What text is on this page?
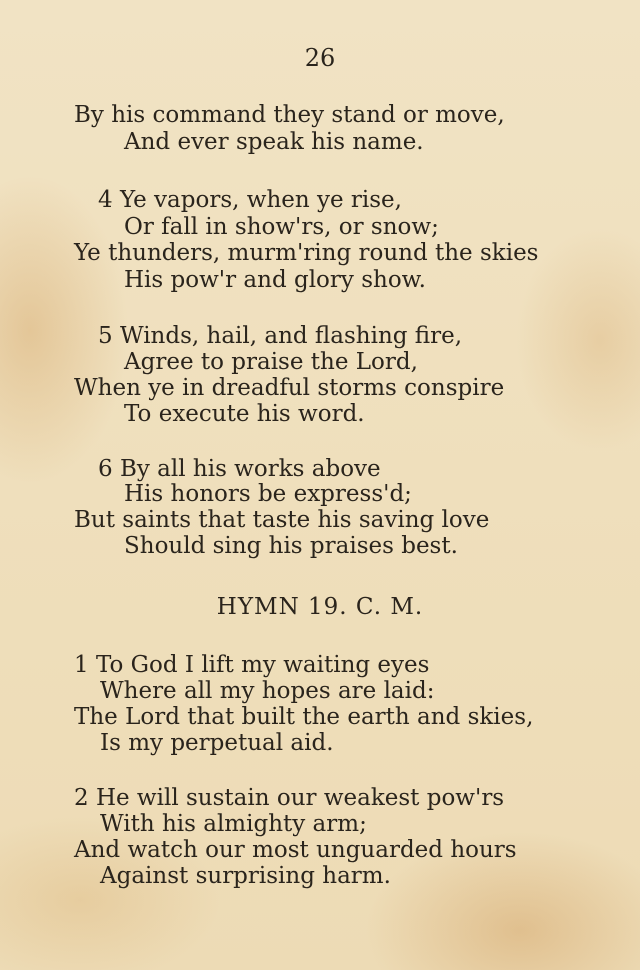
26
By his command they stand or move,
And ever speak his name.
4 Ye vapors, when ye rise,
Or fall in show'rs, or snow;
Ye thunders, murm'ring round the skies
His pow'r and glory show.
5 Winds, hail, and flashing fire,
Agree to praise the Lord,
When ye in dreadful storms conspire
To execute his word.
6 By all his works above
His honors be express'd;
But saints that taste his saving love
Should sing his praises best.
HYMN 19. C. M.
1 To God I lift my waiting eyes
Where all my hopes are laid:
The Lord that built the earth and skies,
Is my perpetual aid.
2 He will sustain our weakest pow'rs
With his almighty arm;
And watch our most unguarded hours
Against surprising harm.
